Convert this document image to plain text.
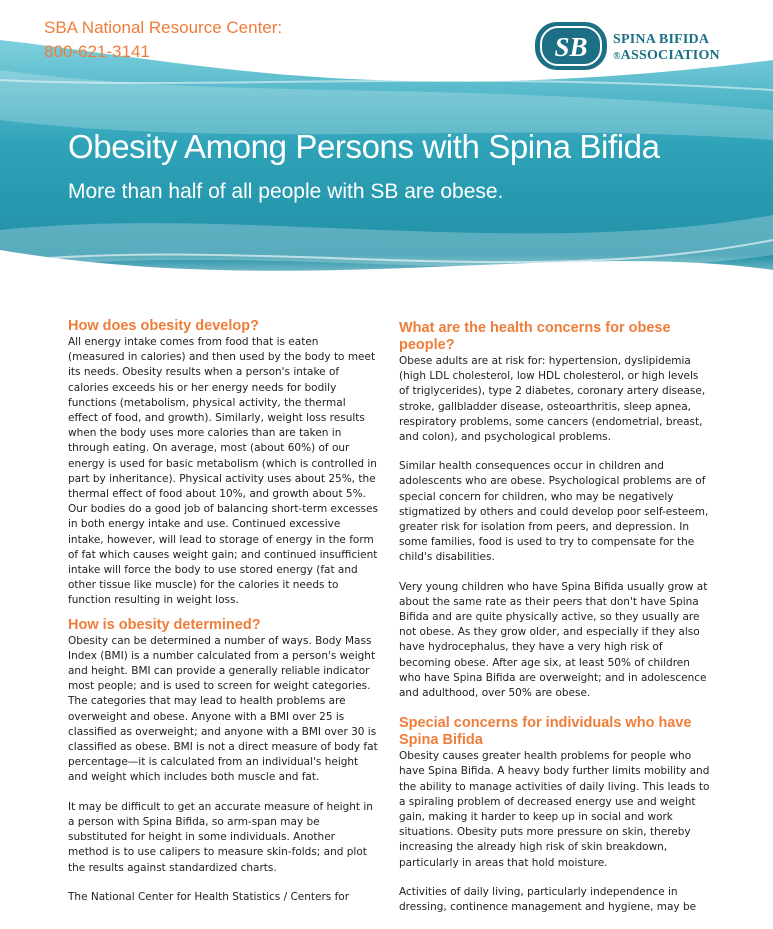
SBA National Resource Center:
800-621-3141	SB SPINA BIFIDA
®ASSOCIATION
Obesity Among Persons with Spina Bifida
More than half of all people with SB are obese.
How does obesity develop?

All energy intake comes from food that is eaten (measured in calories) and then used by the body to meet its needs. Obesity results when a person's intake of calories exceeds his or her energy needs for bodily functions (metabolism, physical activity, the thermal effect of food, and growth). Similarly, weight loss results when the body uses more calories than are taken in through eating. On average, most (about 60%) of our energy is used for basic metabolism (which is controlled in part by inheritance). Physical activity uses about 25%, the thermal effect of food about 10%, and growth about 5%. Our bodies do a good job of balancing short-term excesses in both energy intake and use. Continued excessive intake, however, will lead to storage of energy in the form of fat which causes weight gain; and continued insufficient intake will force the body to use stored energy (fat and other tissue like muscle) for the calories it needs to function resulting in weight loss.

How is obesity determined?

Obesity can be determined a number of ways. Body Mass Index (BMI) is a number calculated from a person's weight and height. BMI can provide a generally reliable indicator most people; and is used to screen for weight categories. The categories that may lead to health problems are overweight and obese. Anyone with a BMI over 25 is classified as overweight; and anyone with a BMI over 30 is classified as obese. BMI is not a direct measure of body fat percentage—it is calculated from an individual's height and weight which includes both muscle and fat.

It may be difficult to get an accurate measure of height in a person with Spina Bifida, so arm-span may be substituted for height in some individuals. Another method is to use calipers to measure skin-folds; and plot the results against standardized charts.

The National Center for Health Statistics / Centers for

What are the health concerns for obese people?

Obese adults are at risk for: hypertension, dyslipidemia (high LDL cholesterol, low HDL cholesterol, or high levels of triglycerides), type 2 diabetes, coronary artery disease, stroke, gallbladder disease, osteoarthritis, sleep apnea, respiratory problems, some cancers (endometrial, breast, and colon), and psychological problems.

Similar health consequences occur in children and adolescents who are obese. Psychological problems are of special concern for children, who may be negatively stigmatized by others and could develop poor self-esteem, greater risk for isolation from peers, and depression. In some families, food is used to try to compensate for the child's disabilities.

Very young children who have Spina Bifida usually grow at about the same rate as their peers that don't have Spina Bifida and are quite physically active, so they usually are not obese. As they grow older, and especially if they also have hydrocephalus, they have a very high risk of becoming obese. After age six, at least 50% of children who have Spina Bifida are overweight; and in adolescence and adulthood, over 50% are obese.

Special concerns for individuals who have Spina Bifida

Obesity causes greater health problems for people who have Spina Bifida. A heavy body further limits mobility and the ability to manage activities of daily living. This leads to a spiraling problem of decreased energy use and weight gain, making it harder to keep up in social and work situations. Obesity puts more pressure on skin, thereby increasing the already high risk of skin breakdown, particularly in areas that hold moisture.

Activities of daily living, particularly independence in dressing, continence management and hygiene, may be
